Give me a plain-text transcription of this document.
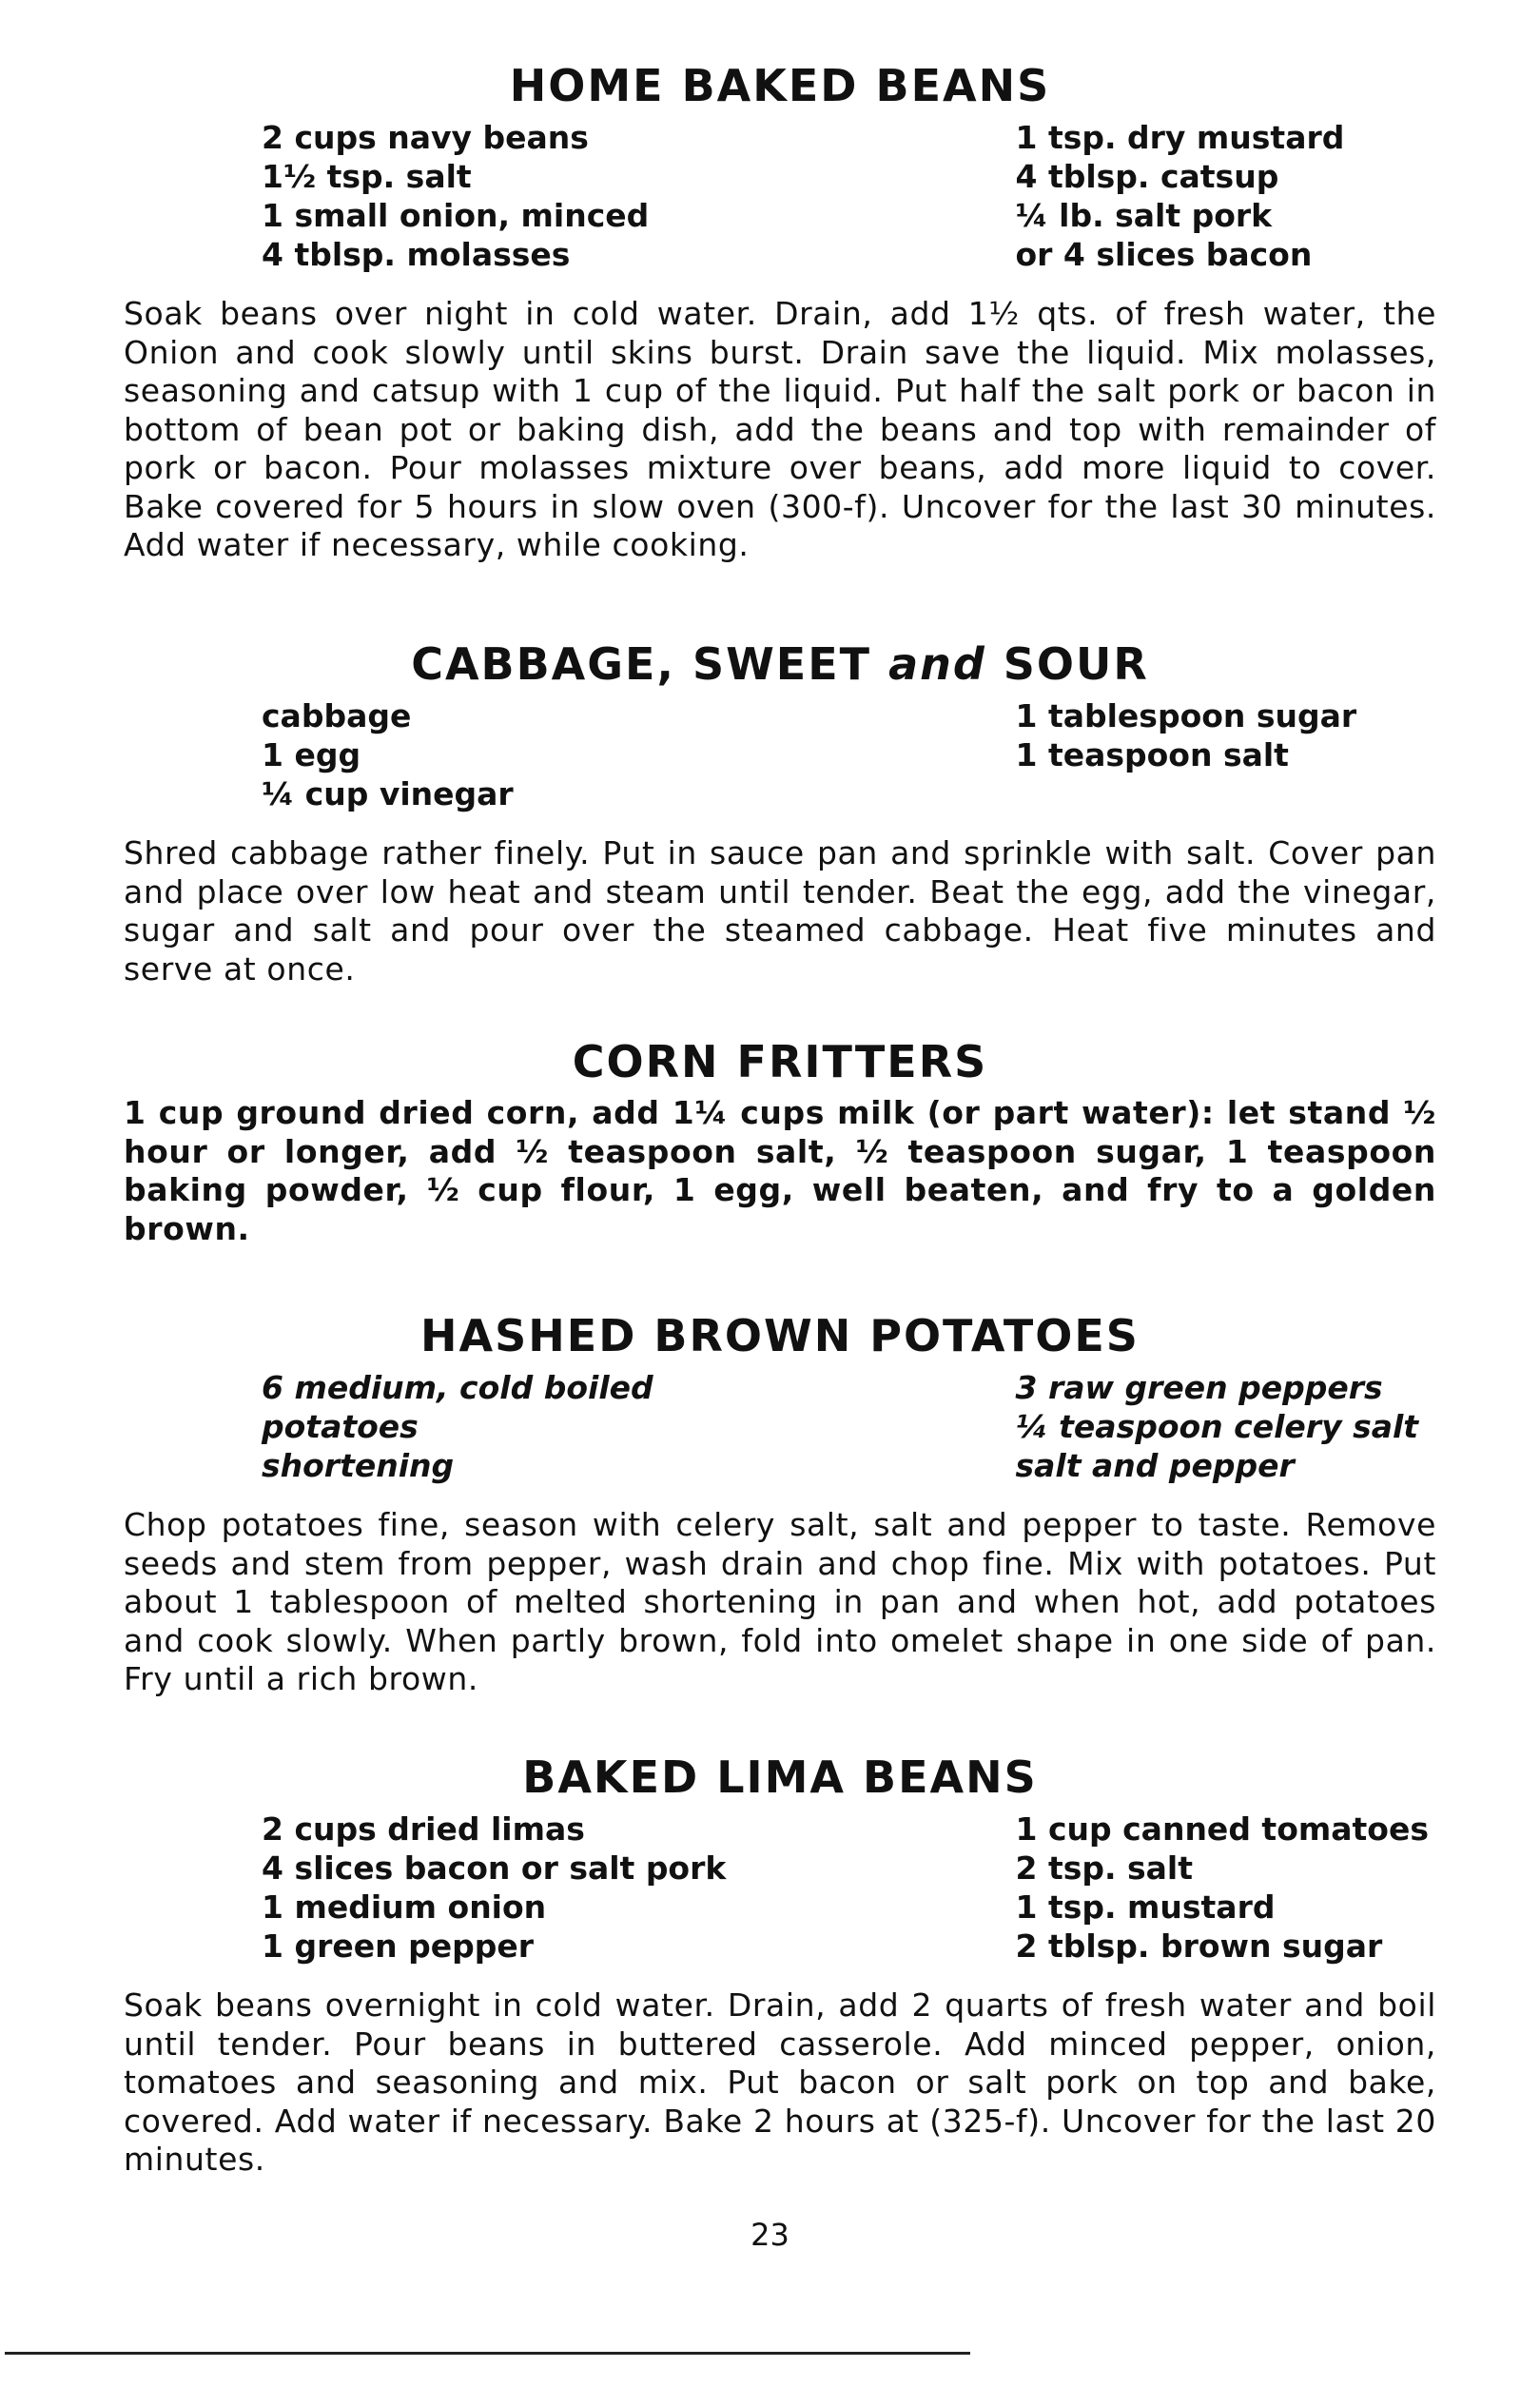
HOME BAKED BEANS
2 cups navy beans
1½ tsp. salt
1 small onion, minced
4 tblsp. molasses
1 tsp. dry mustard
4 tblsp. catsup
¼ lb. salt pork
or 4 slices bacon

Soak beans over night in cold water. Drain, add 1½ qts. of fresh water, the Onion and cook slowly until skins burst. Drain save the liquid. Mix molasses, seasoning and catsup with 1 cup of the liquid. Put half the salt pork or bacon in bottom of bean pot or baking dish, add the beans and top with remainder of pork or bacon. Pour molasses mixture over beans, add more liquid to cover. Bake covered for 5 hours in slow oven (300-f). Uncover for the last 30 minutes. Add water if necessary, while cooking.

CABBAGE, SWEET and SOUR
cabbage
1 egg
¼ cup vinegar
1 tablespoon sugar
1 teaspoon salt

Shred cabbage rather finely. Put in sauce pan and sprinkle with salt. Cover pan and place over low heat and steam until tender. Beat the egg, add the vinegar, sugar and salt and pour over the steamed cabbage. Heat five minutes and serve at once.

CORN FRITTERS

1 cup ground dried corn, add 1¼ cups milk (or part water): let stand ½ hour or longer, add ½ teaspoon salt, ½ teaspoon sugar, 1 teaspoon baking powder, ½ cup flour, 1 egg, well beaten, and fry to a golden brown.

HASHED BROWN POTATOES
6 medium, cold boiled
potatoes
shortening
3 raw green peppers
¼ teaspoon celery salt
salt and pepper

Chop potatoes fine, season with celery salt, salt and pepper to taste. Remove seeds and stem from pepper, wash drain and chop fine. Mix with potatoes. Put about 1 tablespoon of melted shortening in pan and when hot, add potatoes and cook slowly. When partly brown, fold into omelet shape in one side of pan. Fry until a rich brown.

BAKED LIMA BEANS
2 cups dried limas
4 slices bacon or salt pork
1 medium onion
1 green pepper
1 cup canned tomatoes
2 tsp. salt
1 tsp. mustard
2 tblsp. brown sugar

Soak beans overnight in cold water. Drain, add 2 quarts of fresh water and boil until tender. Pour beans in buttered casserole. Add minced pepper, onion, tomatoes and seasoning and mix. Put bacon or salt pork on top and bake, covered. Add water if necessary. Bake 2 hours at (325-f). Uncover for the last 20 minutes.

23
